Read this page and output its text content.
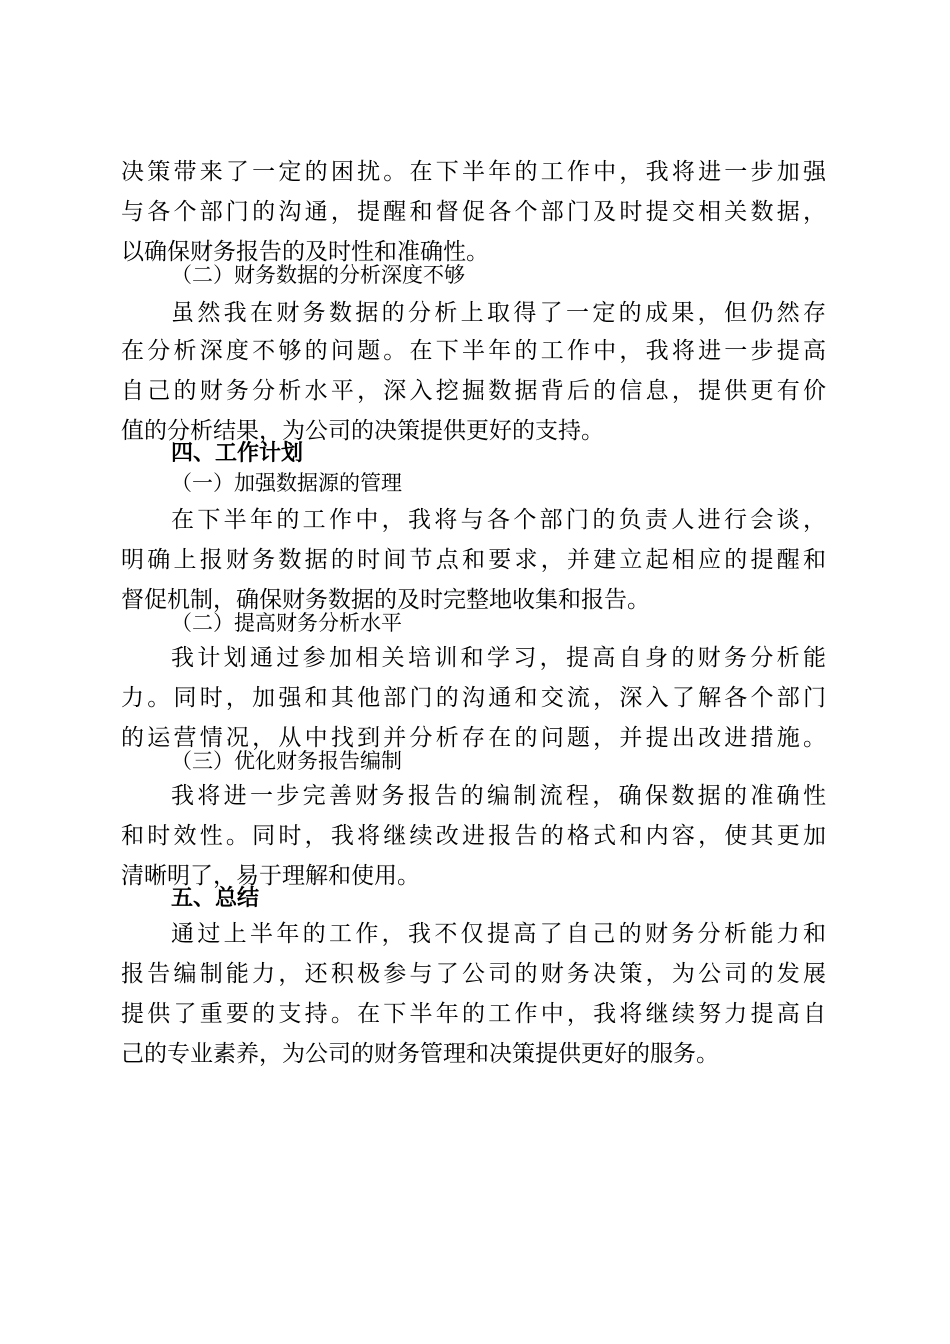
决策带来了一定的困扰。在下半年的工作中，我将进一步加强
与各个部门的沟通，提醒和督促各个部门及时提交相关数据，
以确保财务报告的及时性和准确性。
（二）财务数据的分析深度不够
虽然我在财务数据的分析上取得了一定的成果，但仍然存
在分析深度不够的问题。在下半年的工作中，我将进一步提高
自己的财务分析水平，深入挖掘数据背后的信息，提供更有价
值的分析结果，为公司的决策提供更好的支持。
四、工作计划
（一）加强数据源的管理
在下半年的工作中，我将与各个部门的负责人进行会谈，
明确上报财务数据的时间节点和要求，并建立起相应的提醒和
督促机制，确保财务数据的及时完整地收集和报告。
（二）提高财务分析水平
我计划通过参加相关培训和学习，提高自身的财务分析能
力。同时，加强和其他部门的沟通和交流，深入了解各个部门
的运营情况，从中找到并分析存在的问题，并提出改进措施。
（三）优化财务报告编制
我将进一步完善财务报告的编制流程，确保数据的准确性
和时效性。同时，我将继续改进报告的格式和内容，使其更加
清晰明了，易于理解和使用。
五、总结
通过上半年的工作，我不仅提高了自己的财务分析能力和
报告编制能力，还积极参与了公司的财务决策，为公司的发展
提供了重要的支持。在下半年的工作中，我将继续努力提高自
己的专业素养，为公司的财务管理和决策提供更好的服务。
